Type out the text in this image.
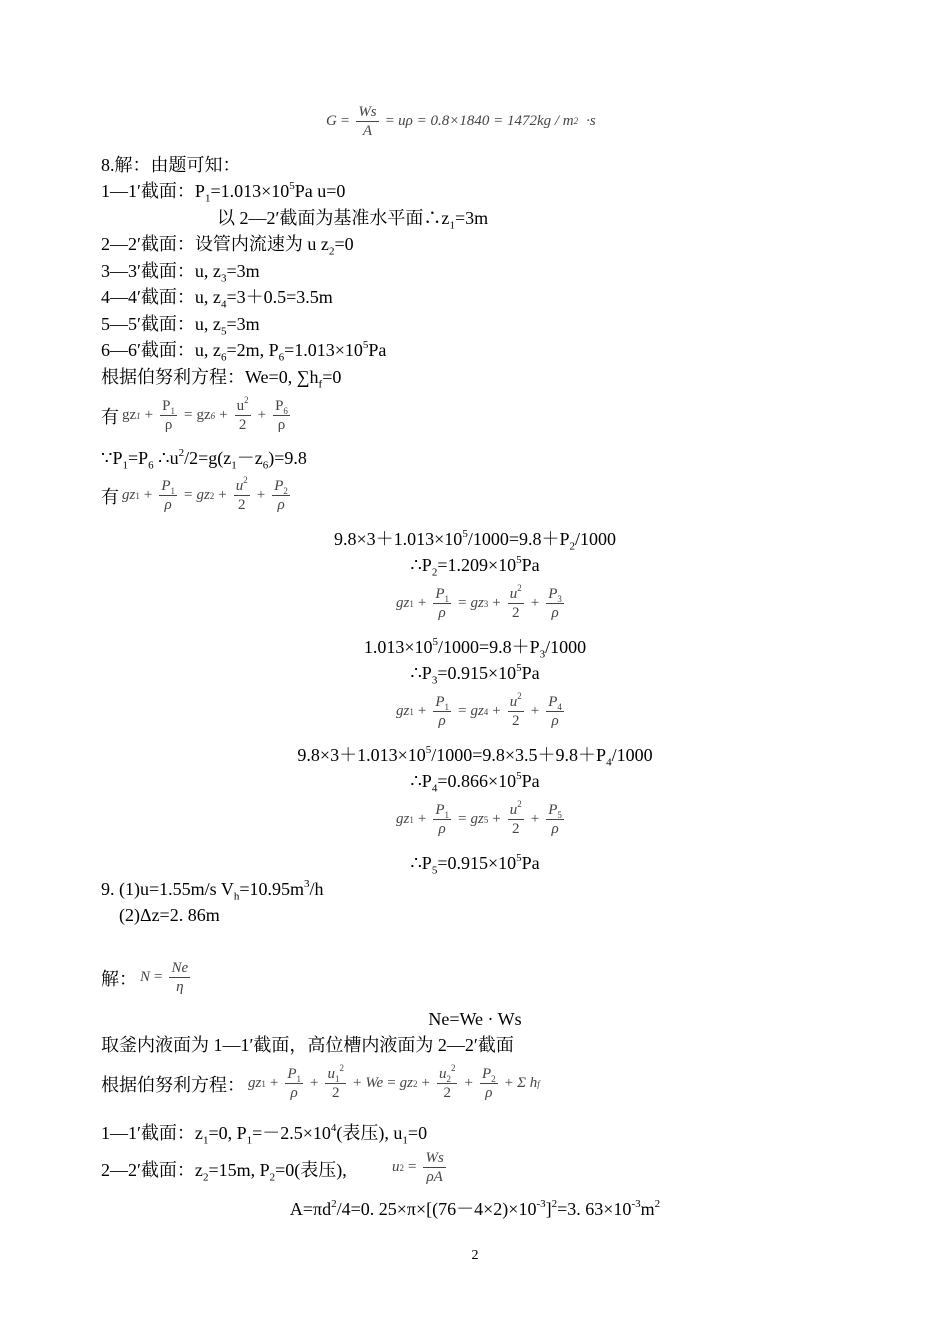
$G = \frac{Ws}{A} = u\rho = 0.8\times 1840 = 1472kg / m^2 \cdot s$
8.解：由题可知：
1—1′截面：$P_1=1.013\times 10^5Pa$ u=0
以 2—2′截面为基准水平面$\therefore z_1=3m$
2—2′截面：设管内流速为 u $z_2=0$
3—3′截面：u, $z_3=3m$
4—4′截面：u, $z_4=3+0.5=3.5m$
5—5′截面：u, $z_5=3m$
6—6′截面：u, $z_6=2m$, $P_6=1.013\times 10^5Pa$
根据伯努利方程：We=0, $\sum h_f=0$
有 g z $1 + \frac{P_1}{\rho} = g$ z $6 + \frac{u^2}{2} + \frac{P_6}{\rho}$
$\because P_1=P_6$ $\therefore u^2/2=g(z_1-z_6)=9.8$
有 g z $1 + \frac{P_1}{\rho} = g$ z $2 + \frac{u^2}{2} + \frac{P_2}{\rho}$
$9.8\times 3+1.013\times 10^5/1000=9.8+P_2/1000$
$\therefore P_2=1.209\times 10^5Pa$
g z $1 + \frac{P_1}{\rho} = g$ z $3 + \frac{u^2}{2} + \frac{P_3}{\rho}$
$1.013\times 10^5/1000=9.8+P_3/1000$
$\therefore P_3=0.915\times 10^5Pa$
g z $1 + \frac{P_1}{\rho} = g$ z $4 + \frac{u^2}{2} + \frac{P_4}{\rho}$
$9.8\times 3+1.013\times 10^5/1000=9.8\times 3.5+9.8+P_4/1000$
$\therefore P_4=0.866\times 10^5Pa$
g z $1 + \frac{P_1}{\rho} = g$ z $5 + \frac{u^2}{2} + \frac{P_5}{\rho}$
$\therefore P_5=0.915\times 10^5Pa$
9. (1)u=1.55m/s $V_h=10.95m^3/h$
(2)Δz=2. 86m
解： $N = \frac{Ne}{\eta}$
Ne=We · Ws
取釜内液面为 1—1′截面，高位槽内液面为 2—2′截面
根据伯努利方程： g z $1 + \frac{P_1}{\rho} + \frac{u_1^2}{2} + We = g$ z $2 + \frac{u_2^2}{2} + \frac{P_2}{\rho} + \Sigma$ h f
1—1′截面：$z_1=0$, $P_1=-2.5\times 10^4$(表压), $u_1=0$
2—2′截面：$z_2=15m$, $P_2=0$(表压),	u $2 = \frac{Ws}{\rho A}$
$A=\pi d^2/4=0$. $25\times\pi\times[(76-4\times 2)\times 10^{-3}]^2=3$. $63\times 10^{-3}m^2$
2
